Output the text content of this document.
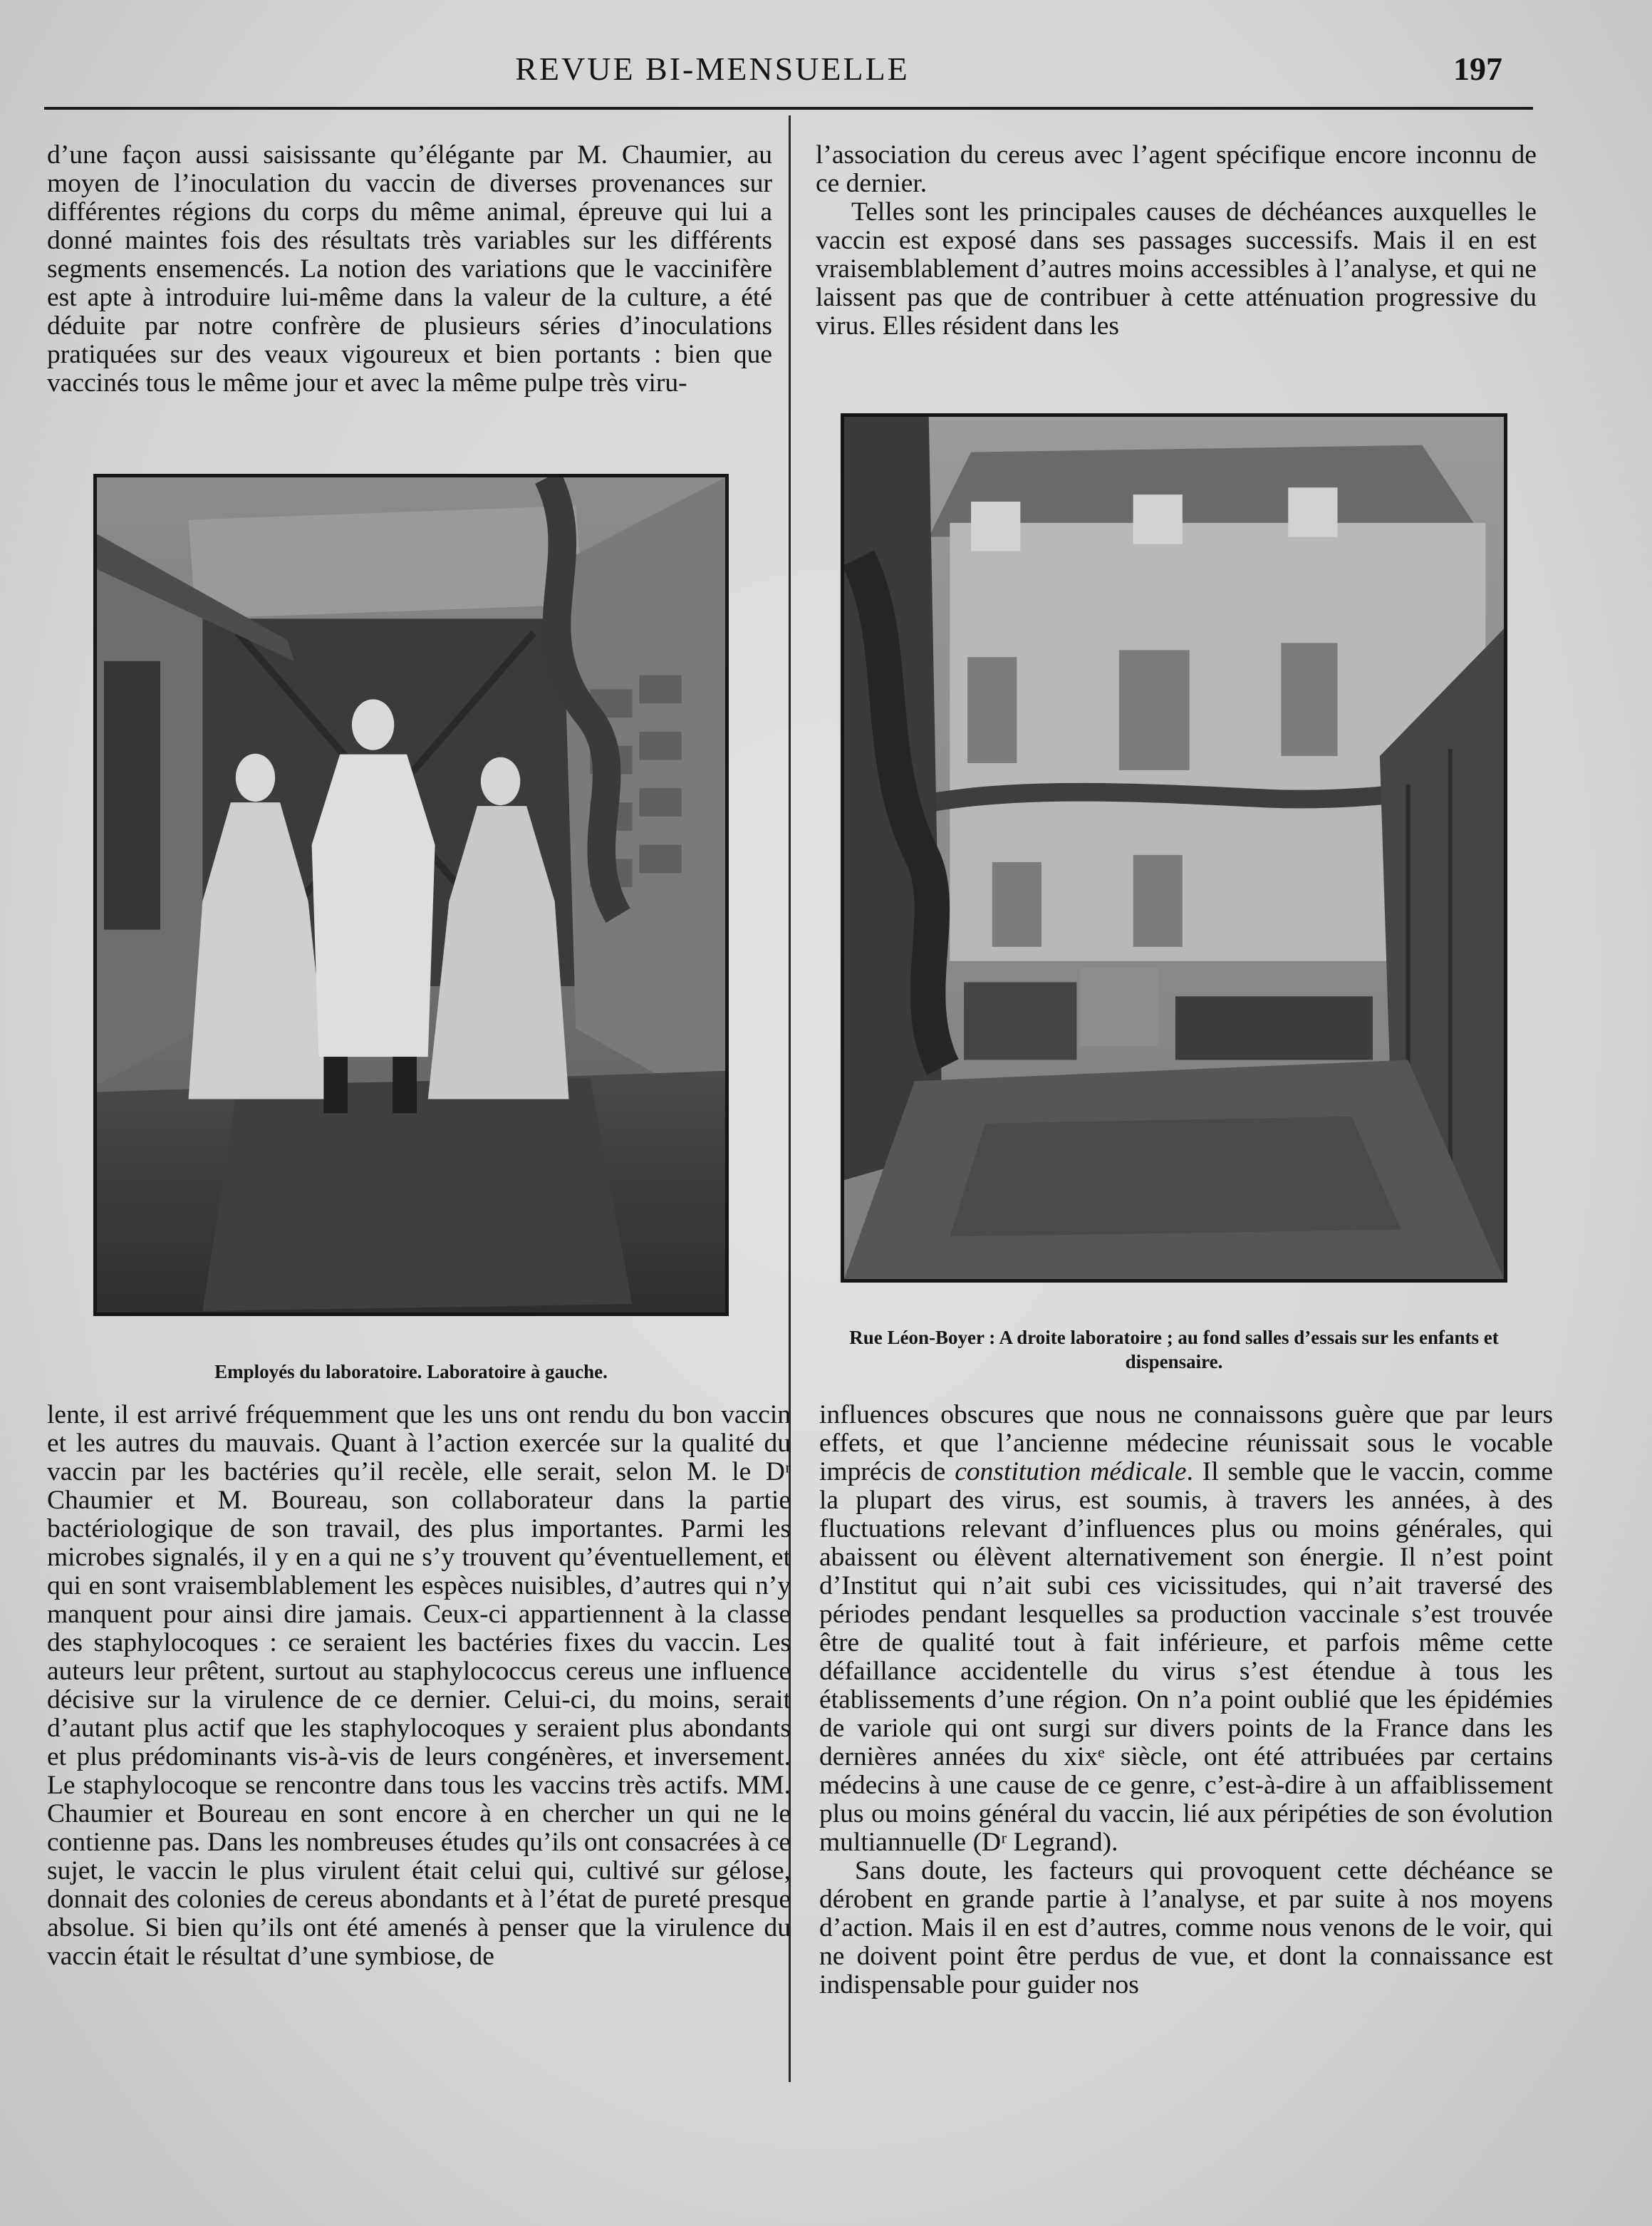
REVUE BI-MENSUELLE	197

d’une façon aussi saisissante qu’élégante par M. Chaumier, au moyen de l’inoculation du vaccin de diverses provenances sur différentes régions du corps du même animal, épreuve qui lui a donné maintes fois des résultats très variables sur les différents segments ensemencés. La notion des variations que le vaccinifère est apte à introduire lui-même dans la valeur de la culture, a été déduite par notre confrère de plusieurs séries d’inoculations pratiquées sur des veaux vigoureux et bien portants : bien que vaccinés tous le même jour et avec la même pulpe très viru-

l’association du cereus avec l’agent spécifique encore inconnu de ce dernier.

Telles sont les principales causes de déchéances auxquelles le vaccin est exposé dans ses passages successifs. Mais il en est vraisemblablement d’autres moins accessibles à l’analyse, et qui ne laissent pas que de contribuer à cette atténuation progressive du virus. Elles résident dans les

Employés du laboratoire. Laboratoire à gauche.
Rue Léon-Boyer : A droite laboratoire ; au fond salles d’essais sur les enfants et dispensaire.

lente, il est arrivé fréquemment que les uns ont rendu du bon vaccin et les autres du mauvais. Quant à l’action exercée sur la qualité du vaccin par les bactéries qu’il recèle, elle serait, selon M. le Dʳ Chaumier et M. Boureau, son collaborateur dans la partie bactériologique de son travail, des plus importantes. Parmi les microbes signalés, il y en a qui ne s’y trouvent qu’éventuellement, et qui en sont vraisemblablement les espèces nuisibles, d’autres qui n’y manquent pour ainsi dire jamais. Ceux-ci appartiennent à la classe des staphylocoques : ce seraient les bactéries fixes du vaccin. Les auteurs leur prêtent, surtout au staphylococcus cereus une influence décisive sur la virulence de ce dernier. Celui-ci, du moins, serait d’autant plus actif que les staphylocoques y seraient plus abondants et plus prédominants vis-à-vis de leurs congénères, et inversement. Le staphylocoque se rencontre dans tous les vaccins très actifs. MM. Chaumier et Boureau en sont encore à en chercher un qui ne le contienne pas. Dans les nombreuses études qu’ils ont consacrées à ce sujet, le vaccin le plus virulent était celui qui, cultivé sur gélose, donnait des colonies de cereus abondants et à l’état de pureté presque absolue. Si bien qu’ils ont été amenés à penser que la virulence du vaccin était le résultat d’une symbiose, de

influences obscures que nous ne connaissons guère que par leurs effets, et que l’ancienne médecine réunissait sous le vocable imprécis de constitution médicale. Il semble que le vaccin, comme la plupart des virus, est soumis, à travers les années, à des fluctuations relevant d’influences plus ou moins générales, qui abaissent ou élèvent alternativement son énergie. Il n’est point d’Institut qui n’ait subi ces vicissitudes, qui n’ait traversé des périodes pendant lesquelles sa production vaccinale s’est trouvée être de qualité tout à fait inférieure, et parfois même cette défaillance accidentelle du virus s’est étendue à tous les établissements d’une région. On n’a point oublié que les épidémies de variole qui ont surgi sur divers points de la France dans les dernières années du xixᵉ siècle, ont été attribuées par certains médecins à une cause de ce genre, c’est-à-dire à un affaiblissement plus ou moins général du vaccin, lié aux péripéties de son évolution multiannuelle (Dʳ Legrand).

Sans doute, les facteurs qui provoquent cette déchéance se dérobent en grande partie à l’analyse, et par suite à nos moyens d’action. Mais il en est d’autres, comme nous venons de le voir, qui ne doivent point être perdus de vue, et dont la connaissance est indispensable pour guider nos
